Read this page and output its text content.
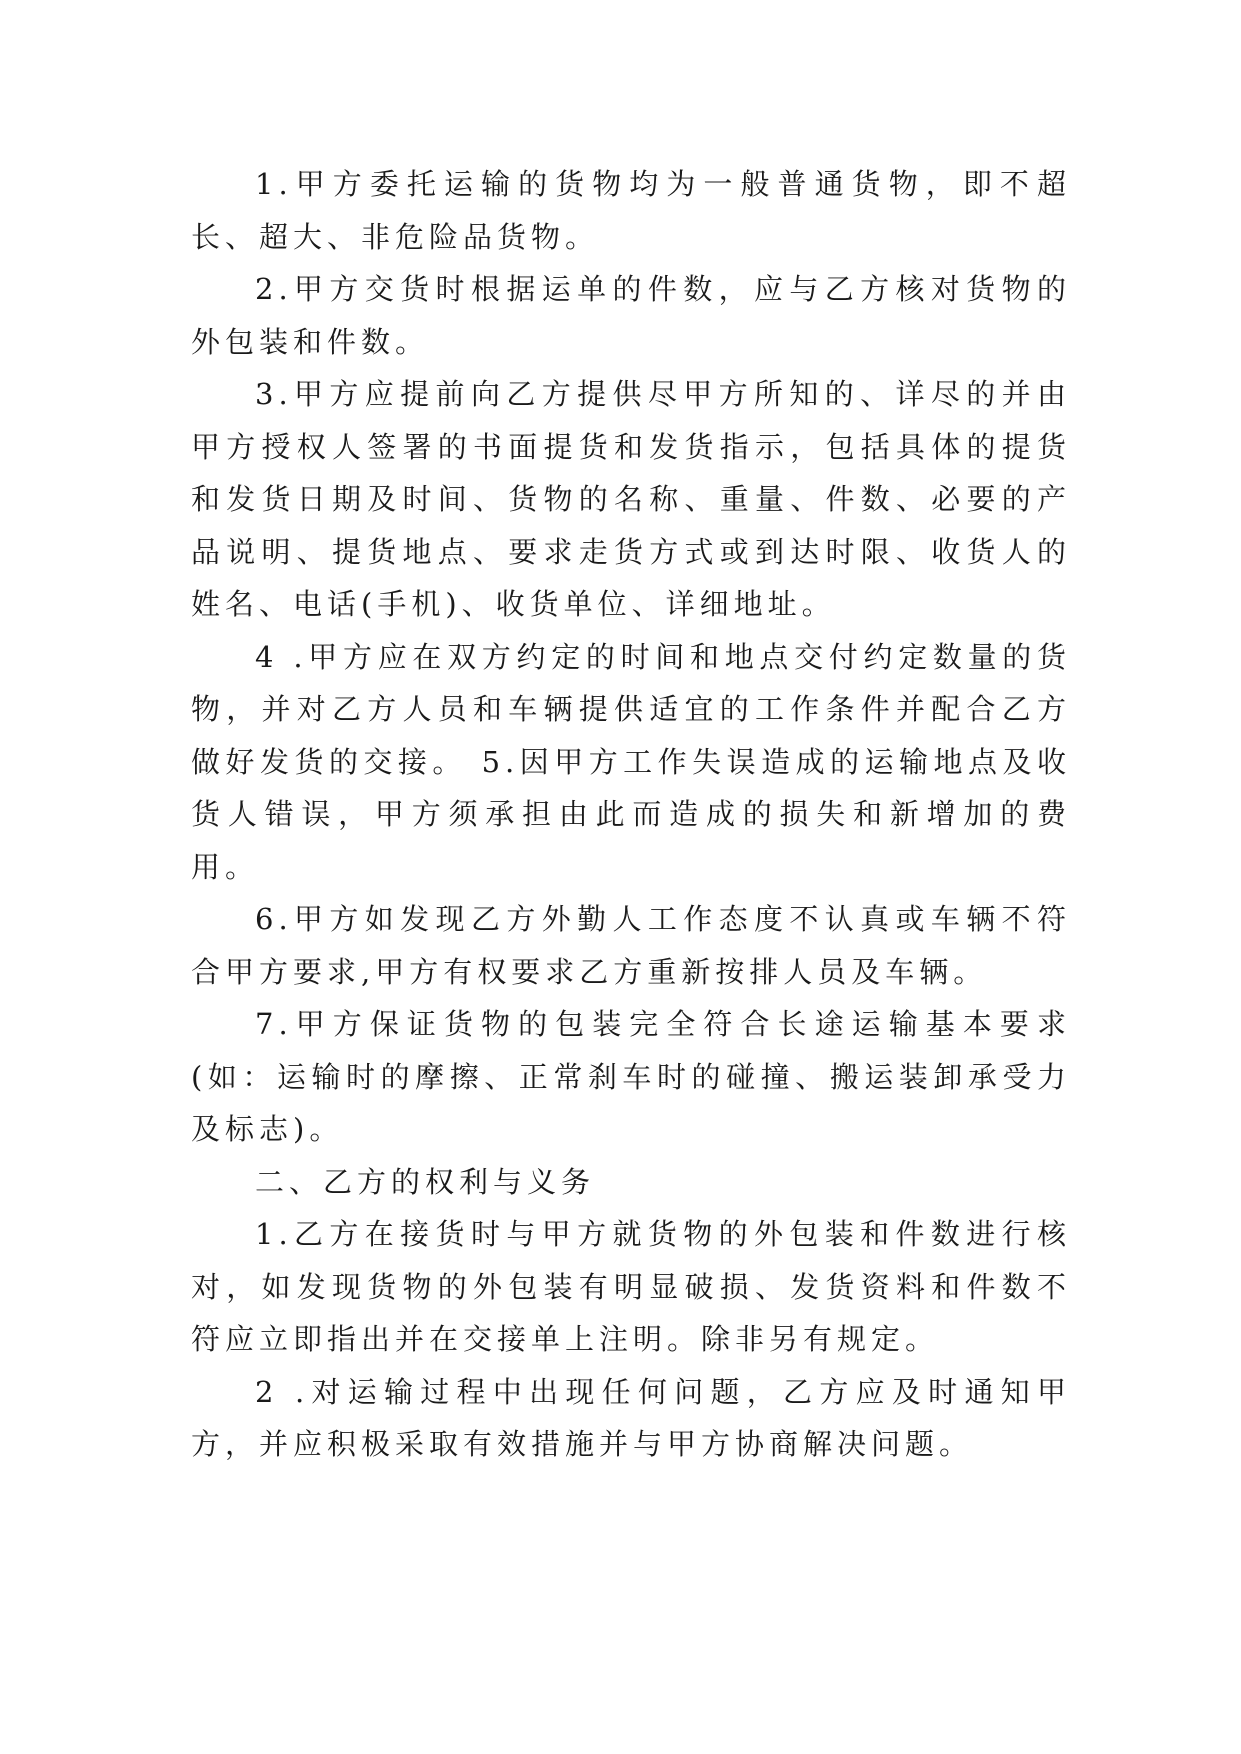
1.甲方委托运输的货物均为一般普通货物，即不超长、超大、非危险品货物。

2.甲方交货时根据运单的件数，应与乙方核对货物的外包装和件数。

3.甲方应提前向乙方提供尽甲方所知的、详尽的并由甲方授权人签署的书面提货和发货指示，包括具体的提货和发货日期及时间、货物的名称、重量、件数、必要的产品说明、提货地点、要求走货方式或到达时限、收货人的姓名、电话(手机)、收货单位、详细地址。

4 .甲方应在双方约定的时间和地点交付约定数量的货物，并对乙方人员和车辆提供适宜的工作条件并配合乙方做好发货的交接。 5.因甲方工作失误造成的运输地点及收货人错误，甲方须承担由此而造成的损失和新增加的费用。

6.甲方如发现乙方外勤人工作态度不认真或车辆不符合甲方要求,甲方有权要求乙方重新按排人员及车辆。

7.甲方保证货物的包装完全符合长途运输基本要求(如：运输时的摩擦、正常刹车时的碰撞、搬运装卸承受力及标志)。

二、乙方的权利与义务

1.乙方在接货时与甲方就货物的外包装和件数进行核对，如发现货物的外包装有明显破损、发货资料和件数不符应立即指出并在交接单上注明。除非另有规定。

2 .对运输过程中出现任何问题，乙方应及时通知甲方，并应积极采取有效措施并与甲方协商解决问题。
